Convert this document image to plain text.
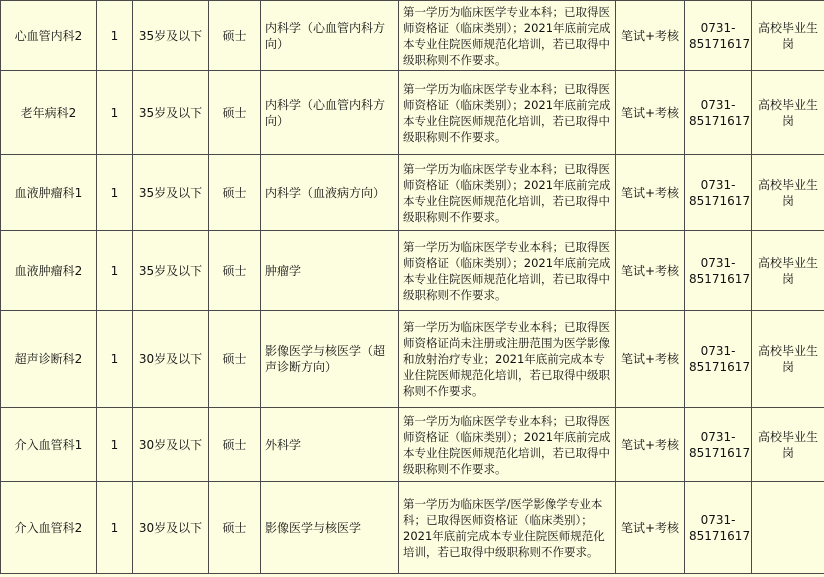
心血管内科2	1	35岁及以下	硕士	内科学（心血管内科方向）	第一学历为临床医学专业本科；已取得医师资格证（临床类别）；2021年底前完成本专业住院医师规范化培训，若已取得中级职称则不作要求。	笔试+考核	0731-85171617	高校毕业生岗
老年病科2	1	35岁及以下	硕士	内科学（心血管内科方向）	第一学历为临床医学专业本科；已取得医师资格证（临床类别）；2021年底前完成本专业住院医师规范化培训，若已取得中级职称则不作要求。	笔试+考核	0731-85171617	高校毕业生岗
血液肿瘤科1	1	35岁及以下	硕士	内科学（血液病方向）	第一学历为临床医学专业本科；已取得医师资格证（临床类别）；2021年底前完成本专业住院医师规范化培训，若已取得中级职称则不作要求。	笔试+考核	0731-85171617	高校毕业生岗
血液肿瘤科2	1	35岁及以下	硕士	肿瘤学	第一学历为临床医学专业本科；已取得医师资格证（临床类别）；2021年底前完成本专业住院医师规范化培训，若已取得中级职称则不作要求。	笔试+考核	0731-85171617	高校毕业生岗
超声诊断科2	1	30岁及以下	硕士	影像医学与核医学（超声诊断方向）	第一学历为临床医学专业本科；已取得医师资格证尚未注册或注册范围为医学影像和放射治疗专业；2021年底前完成本专业住院医师规范化培训，若已取得中级职称则不作要求。	笔试+考核	0731-85171617	高校毕业生岗
介入血管科1	1	30岁及以下	硕士	外科学	第一学历为临床医学专业本科；已取得医师资格证（临床类别）；2021年底前完成本专业住院医师规范化培训，若已取得中级职称则不作要求。	笔试+考核	0731-85171617	高校毕业生岗
介入血管科2	1	30岁及以下	硕士	影像医学与核医学	第一学历为临床医学/医学影像学专业本科；已取得医师资格证（临床类别）；2021年底前完成本专业住院医师规范化培训，若已取得中级职称则不作要求。	笔试+考核	0731-85171617	
